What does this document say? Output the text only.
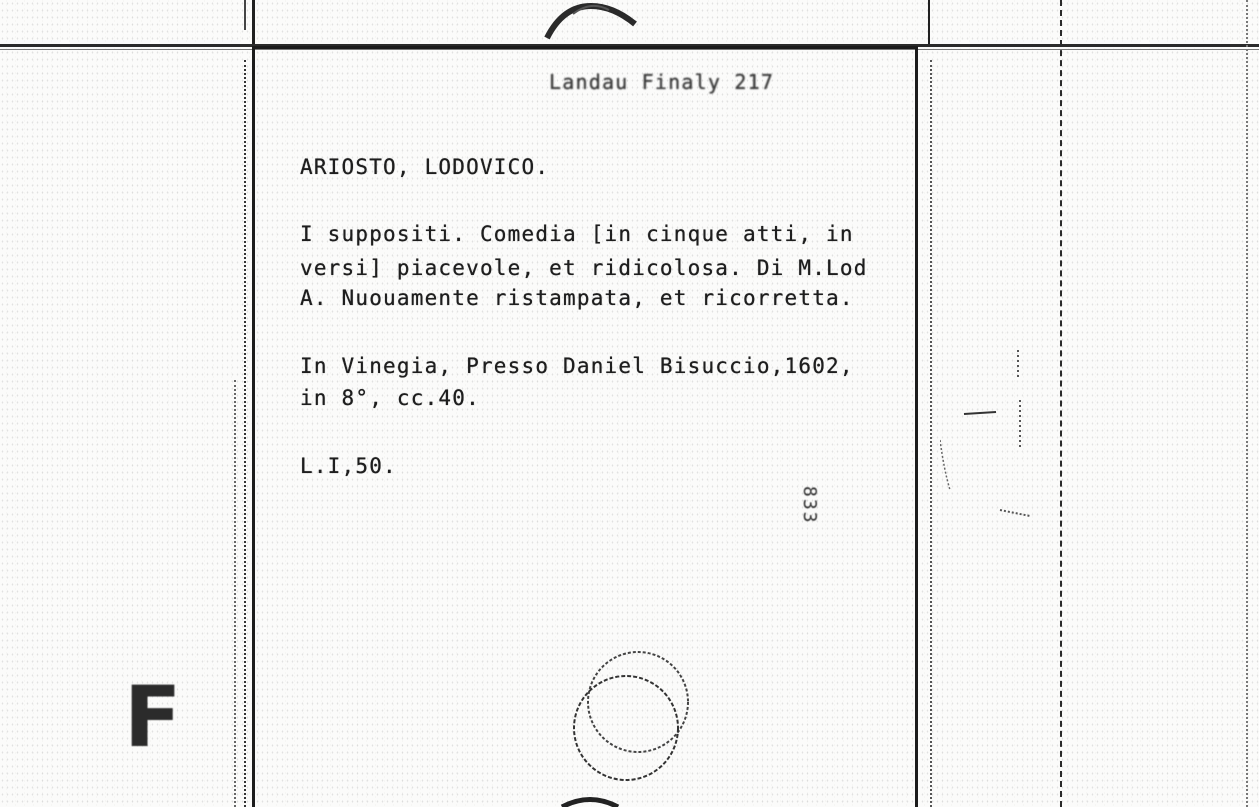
Landau Finaly 217
ARIOSTO, LODOVICO.
I suppositi. Comedia [in cinque atti, in
versi] piacevole, et ridicolosa. Di M.Lod
A. Nuouamente ristampata, et ricorretta.
In Vinegia, Presso Daniel Bisuccio,1602,
in 8°, cc.40.
L.I,50.
833
F
